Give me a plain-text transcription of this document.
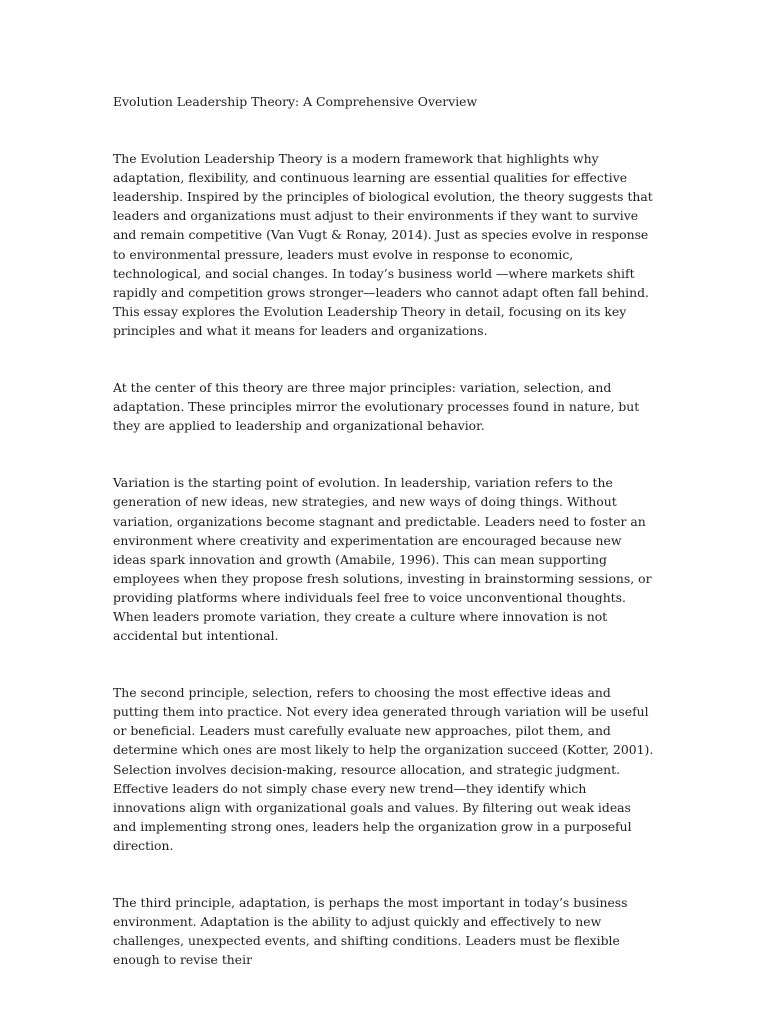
Evolution Leadership Theory: A Comprehensive Overview

The Evolution Leadership Theory is a modern framework that highlights why adaptation, flexibility, and continuous learning are essential qualities for effective leadership. Inspired by the principles of biological evolution, the theory suggests that leaders and organizations must adjust to their environments if they want to survive and remain competitive (Van Vugt & Ronay, 2014). Just as species evolve in response to environmental pressure, leaders must evolve in response to economic, technological, and social changes. In today’s business world —where markets shift rapidly and competition grows stronger—leaders who cannot adapt often fall behind. This essay explores the Evolution Leadership Theory in detail, focusing on its key principles and what it means for leaders and organizations.

At the center of this theory are three major principles: variation, selection, and adaptation. These principles mirror the evolutionary processes found in nature, but they are applied to leadership and organizational behavior.

Variation is the starting point of evolution. In leadership, variation refers to the generation of new ideas, new strategies, and new ways of doing things. Without variation, organizations become stagnant and predictable. Leaders need to foster an environment where creativity and experimentation are encouraged because new ideas spark innovation and growth (Amabile, 1996). This can mean supporting employees when they propose fresh solutions, investing in brainstorming sessions, or providing platforms where individuals feel free to voice unconventional thoughts. When leaders promote variation, they create a culture where innovation is not accidental but intentional.

The second principle, selection, refers to choosing the most effective ideas and putting them into practice. Not every idea generated through variation will be useful or beneficial. Leaders must carefully evaluate new approaches, pilot them, and determine which ones are most likely to help the organization succeed (Kotter, 2001). Selection involves decision-making, resource allocation, and strategic judgment. Effective leaders do not simply chase every new trend—they identify which innovations align with organizational goals and values. By filtering out weak ideas and implementing strong ones, leaders help the organization grow in a purposeful direction.

The third principle, adaptation, is perhaps the most important in today’s business environment. Adaptation is the ability to adjust quickly and effectively to new challenges, unexpected events, and shifting conditions. Leaders must be flexible enough to revise their
